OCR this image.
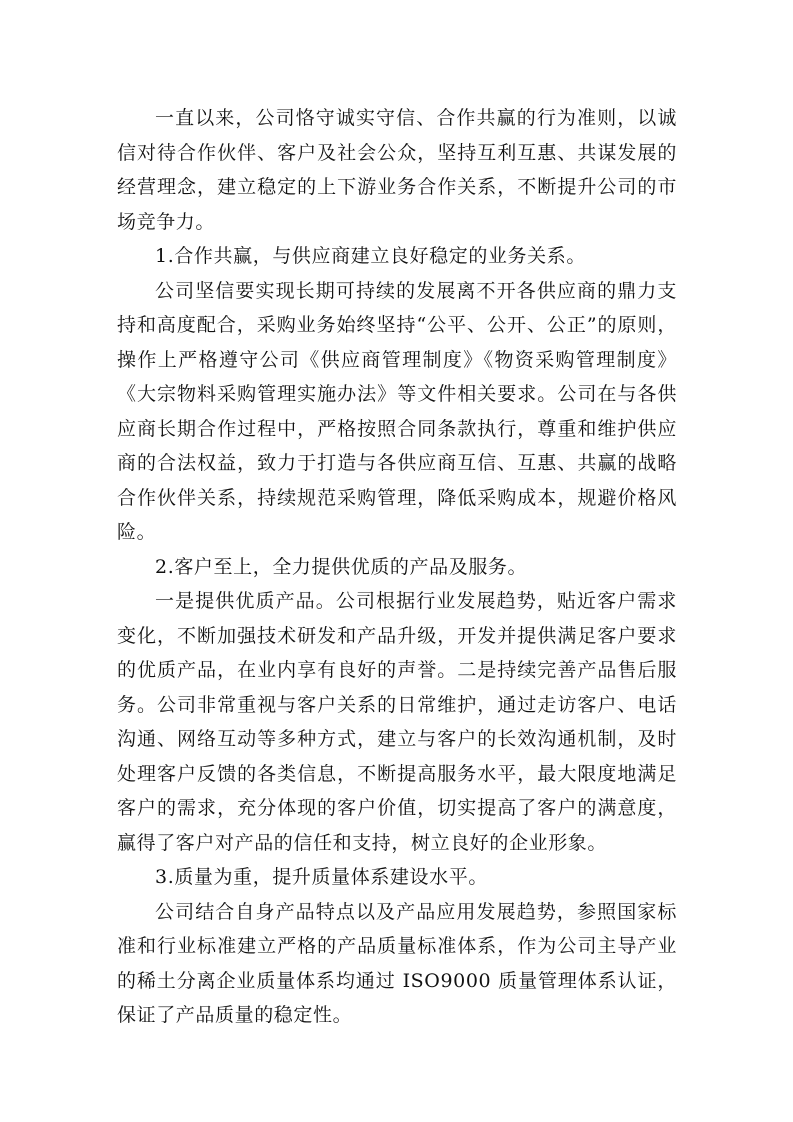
一直以来，公司恪守诚实守信、合作共赢的行为准则，以诚信对待合作伙伴、客户及社会公众，坚持互利互惠、共谋发展的经营理念，建立稳定的上下游业务合作关系，不断提升公司的市场竞争力。

1.合作共赢，与供应商建立良好稳定的业务关系。

公司坚信要实现长期可持续的发展离不开各供应商的鼎力支持和高度配合，采购业务始终坚持“公平、公开、公正”的原则，操作上严格遵守公司《供应商管理制度》《物资采购管理制度》《大宗物料采购管理实施办法》等文件相关要求。公司在与各供应商长期合作过程中，严格按照合同条款执行，尊重和维护供应商的合法权益，致力于打造与各供应商互信、互惠、共赢的战略合作伙伴关系，持续规范采购管理，降低采购成本，规避价格风险。

2.客户至上，全力提供优质的产品及服务。

一是提供优质产品。公司根据行业发展趋势，贴近客户需求变化，不断加强技术研发和产品升级，开发并提供满足客户要求的优质产品，在业内享有良好的声誉。二是持续完善产品售后服务。公司非常重视与客户关系的日常维护，通过走访客户、电话沟通、网络互动等多种方式，建立与客户的长效沟通机制，及时处理客户反馈的各类信息，不断提高服务水平，最大限度地满足客户的需求，充分体现的客户价值，切实提高了客户的满意度，赢得了客户对产品的信任和支持，树立良好的企业形象。

3.质量为重，提升质量体系建设水平。

公司结合自身产品特点以及产品应用发展趋势，参照国家标准和行业标准建立严格的产品质量标准体系，作为公司主导产业的稀土分离企业质量体系均通过 ISO9000 质量管理体系认证，保证了产品质量的稳定性。
